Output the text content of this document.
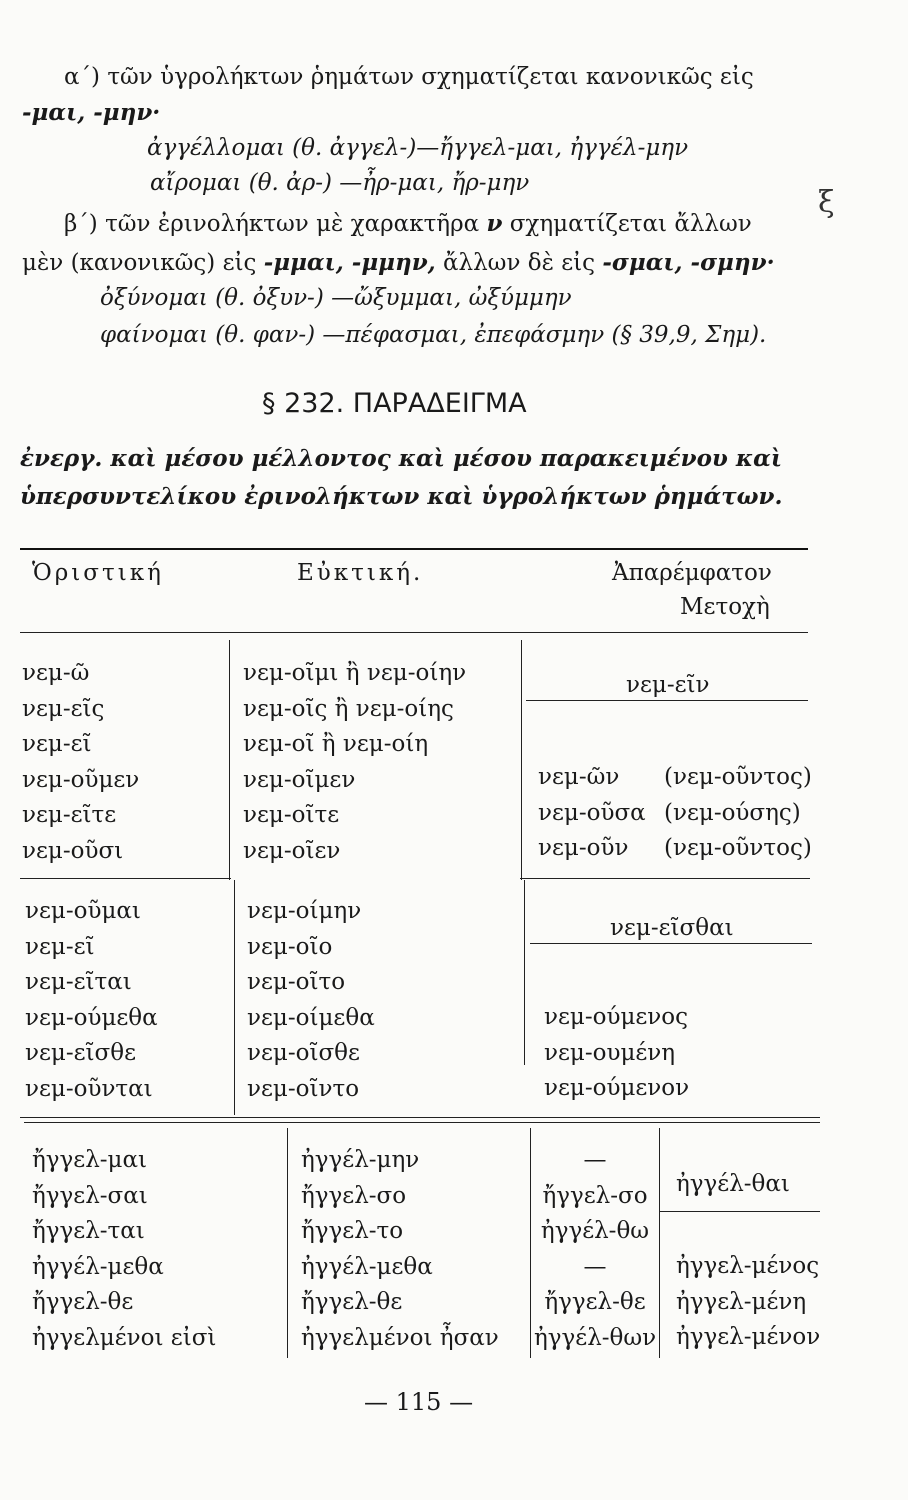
α΄) τῶν ὑγρολήκτων ῥημάτων σχηματίζεται κανονικῶς εἰς
-μαι, -μην·
ἀγγέλλομαι (θ. ἀγγελ-)—ἤγγελ-μαι, ἠγγέλ-μην
αἴρομαι (θ. ἀρ-) —ἦρ-μαι, ἤρ-μην
β΄) τῶν ἐρινολήκτων μὲ χαρακτῆρα ν σχηματίζεται ἄλλων
μὲν (κανονικῶς) εἰς -μμαι, -μμην, ἄλλων δὲ εἰς -σμαι, -σμην·
ὀξύνομαι (θ. ὀξυν-) —ὤξυμμαι, ὠξύμμην
φαίνομαι (θ. φαν-) —πέφασμαι, ἐπεφάσμην (§ 39,9, Σημ).
ξ
§ 232. ΠΑΡΑΔΕΙΓΜΑ
ἐνεργ. καὶ μέσου μέλλοντος καὶ μέσου παρακειμένου καὶ
ὑπερσυντελίκου ἐρινολήκτων καὶ ὑγρολήκτων ῥημάτων.
Ὁριστική	Εὐκτική.	Ἀπαρέμφατον
Μετοχὴ
νεμ-ῶ
νεμ-εῖς
νεμ-εῖ
νεμ-οῦμεν
νεμ-εῖτε
νεμ-οῦσι
νεμ-οῖμι ἢ νεμ-οίην
νεμ-οῖς ἢ νεμ-οίης
νεμ-οῖ ἢ νεμ-οίη
νεμ-οῖμεν
νεμ-οῖτε
νεμ-οῖεν
νεμ-εῖν
νεμ-ῶν
νεμ-οῦσα
νεμ-οῦν
(νεμ-οῦντος)
(νεμ-ούσης)
(νεμ-οῦντος)
νεμ-οῦμαι
νεμ-εῖ
νεμ-εῖται
νεμ-ούμεθα
νεμ-εῖσθε
νεμ-οῦνται
νεμ-οίμην
νεμ-οῖο
νεμ-οῖτο
νεμ-οίμεθα
νεμ-οῖσθε
νεμ-οῖντο
νεμ-εῖσθαι
νεμ-ούμενος
νεμ-ουμένη
νεμ-ούμενον
ἤγγελ-μαι
ἤγγελ-σαι
ἤγγελ-ται
ἠγγέλ-μεθα
ἤγγελ-θε
ἠγγελμένοι εἰσὶ
ἠγγέλ-μην
ἤγγελ-σο
ἤγγελ-το
ἠγγέλ-μεθα
ἤγγελ-θε
ἠγγελμένοι ἦσαν
—
ἤγγελ-σο
ἠγγέλ-θω
—
ἤγγελ-θε
ἠγγέλ-θων
ἠγγέλ-θαι
ἠγγελ-μένος
ἠγγελ-μένη
ἠγγελ-μένον
— 115 —
